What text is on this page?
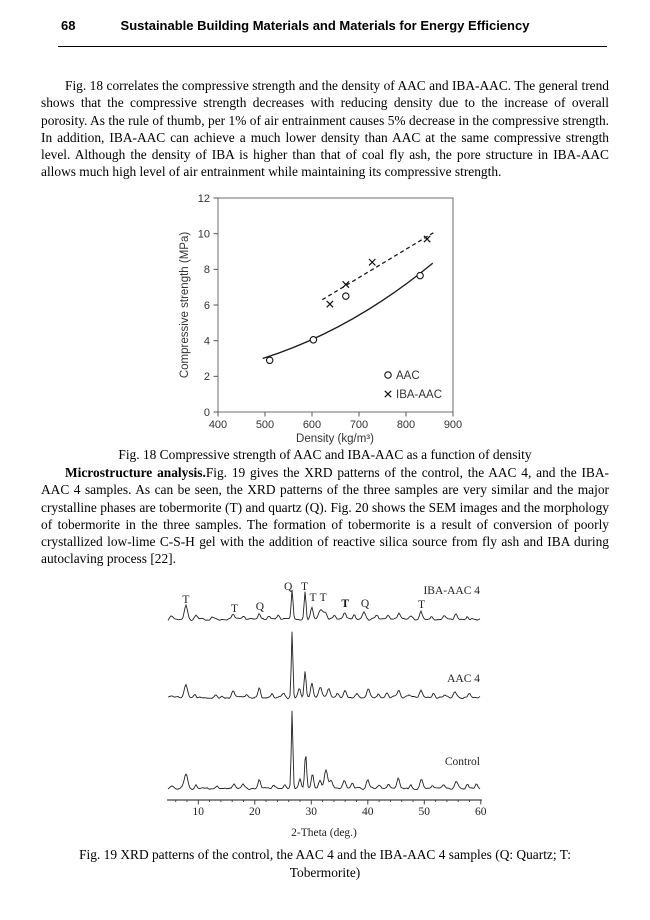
68	Sustainable Building Materials and Materials for Energy Efficiency
Fig. 18 correlates the compressive strength and the density of AAC and IBA-AAC. The general trend shows that the compressive strength decreases with reducing density due to the increase of overall porosity. As the rule of thumb, per 1% of air entrainment causes 5% decrease in the compressive strength. In addition, IBA-AAC can achieve a much lower density than AAC at the same compressive strength level. Although the density of IBA is higher than that of coal fly ash, the pore structure in IBA-AAC allows much high level of air entrainment while maintaining its compressive strength.
400	500	600	700	800	900
0
2
4
6
8
10
12
Density (kg/m³)
Compressive strength (MPa)	AAC
IBA-AAC
Fig. 18 Compressive strength of AAC and IBA-AAC as a function of density
Microstructure analysis.Fig. 19 gives the XRD patterns of the control, the AAC 4, and the IBA-AAC 4 samples. As can be seen, the XRD patterns of the three samples are very similar and the major crystalline phases are tobermorite (T) and quartz (Q). Fig. 20 shows the SEM images and the morphology of tobermorite in the three samples. The formation of tobermorite is a result of conversion of poorly crystallized low-lime C-S-H gel with the addition of reactive silica source from fly ash and IBA during autoclaving process [22].
IBA-AAC 4
AAC 4
Control
10	20	30	40	50	60
2-Theta (deg.)
T
T Q
Q T
T T T Q	T
Fig. 19 XRD patterns of the control, the AAC 4 and the IBA-AAC 4 samples (Q: Quartz; T:
Tobermorite)
